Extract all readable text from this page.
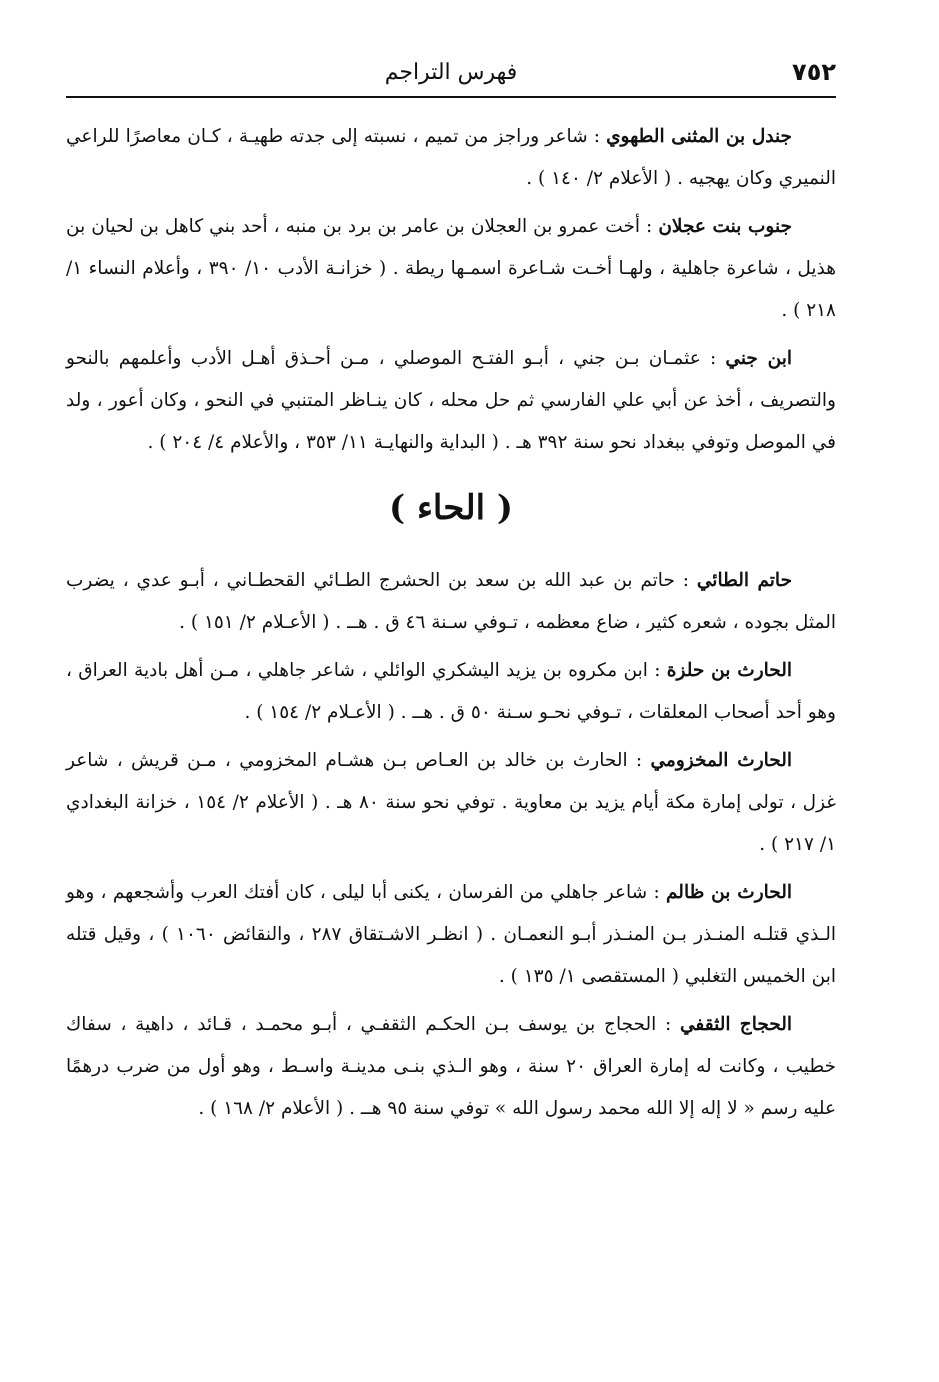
٧٥٢
فهرس التراجم

جندل بن المثنى الطهوي : شاعر وراجز من تميم ، نسبته إلى جدته طهيـة ، كـان معاصرًا للراعي النميري وكان يهجيه . ( الأعلام ٢/ ١٤٠ ) .

جنوب بنت عجلان : أخت عمرو بن العجلان بن عامر بن برد بن منبه ، أحد بني كاهل بن لحيان بن هذيل ، شاعرة جاهلية ، ولهـا أخـت شـاعرة اسمـها ريطة . ( خزانـة الأدب ١٠/ ٣٩٠ ، وأعلام النساء ١/ ٢١٨ ) .

ابن جني : عثمـان بـن جني ، أبـو الفتـح الموصلي ، مـن أحـذق أهـل الأدب وأعلمهم بالنحو والتصريف ، أخذ عن أبي علي الفارسي ثم حل محله ، كان ينـاظر المتنبي في النحو ، وكان أعور ، ولد في الموصل وتوفي ببغداد نحو سنة ٣٩٢ هـ . ( البداية والنهايـة ١١/ ٣٥٣ ، والأعلام ٤/ ٢٠٤ ) .

( الحاء )

حاتم الطائي : حاتم بن عبد الله بن سعد بن الحشرج الطـائي القحطـاني ، أبـو عدي ، يضرب المثل بجوده ، شعره كثير ، ضاع معظمه ، تـوفي سـنة ٤٦ ق . هــ . ( الأعـلام ٢/ ١٥١ ) .

الحارث بن حلزة : ابن مكروه بن يزيد اليشكري الوائلي ، شاعر جاهلي ، مـن أهل بادية العراق ، وهو أحد أصحاب المعلقات ، تـوفي نحـو سـنة ٥٠ ق . هــ . ( الأعـلام ٢/ ١٥٤ ) .

الحارث المخزومي : الحارث بن خالد بن العـاص بـن هشـام المخزومي ، مـن قريش ، شاعر غزل ، تولى إمارة مكة أيام يزيد بن معاوية . توفي نحو سنة ٨٠ هـ . ( الأعلام ٢/ ١٥٤ ، خزانة البغدادي ١/ ٢١٧ ) .

الحارث بن ظالم : شاعر جاهلي من الفرسان ، يكنى أبا ليلى ، كان أفتك العرب وأشجعهم ، وهو الـذي قتلـه المنـذر بـن المنـذر أبـو النعمـان . ( انظـر الاشـتقاق ٢٨٧ ، والنقائض ١٠٦٠ ) ، وقيل قتله ابن الخميس التغلبي ( المستقصى ١/ ١٣٥ ) .

الحجاج الثقفي : الحجاج بن يوسف بـن الحكـم الثقفـي ، أبـو محمـد ، قـائد ، داهية ، سفاك خطيب ، وكانت له إمارة العراق ٢٠ سنة ، وهو الـذي بنـى مدينـة واسـط ، وهو أول من ضرب درهمًا عليه رسم « لا إله إلا الله محمد رسول الله » توفي سنة ٩٥ هــ . ( الأعلام ٢/ ١٦٨ ) .
